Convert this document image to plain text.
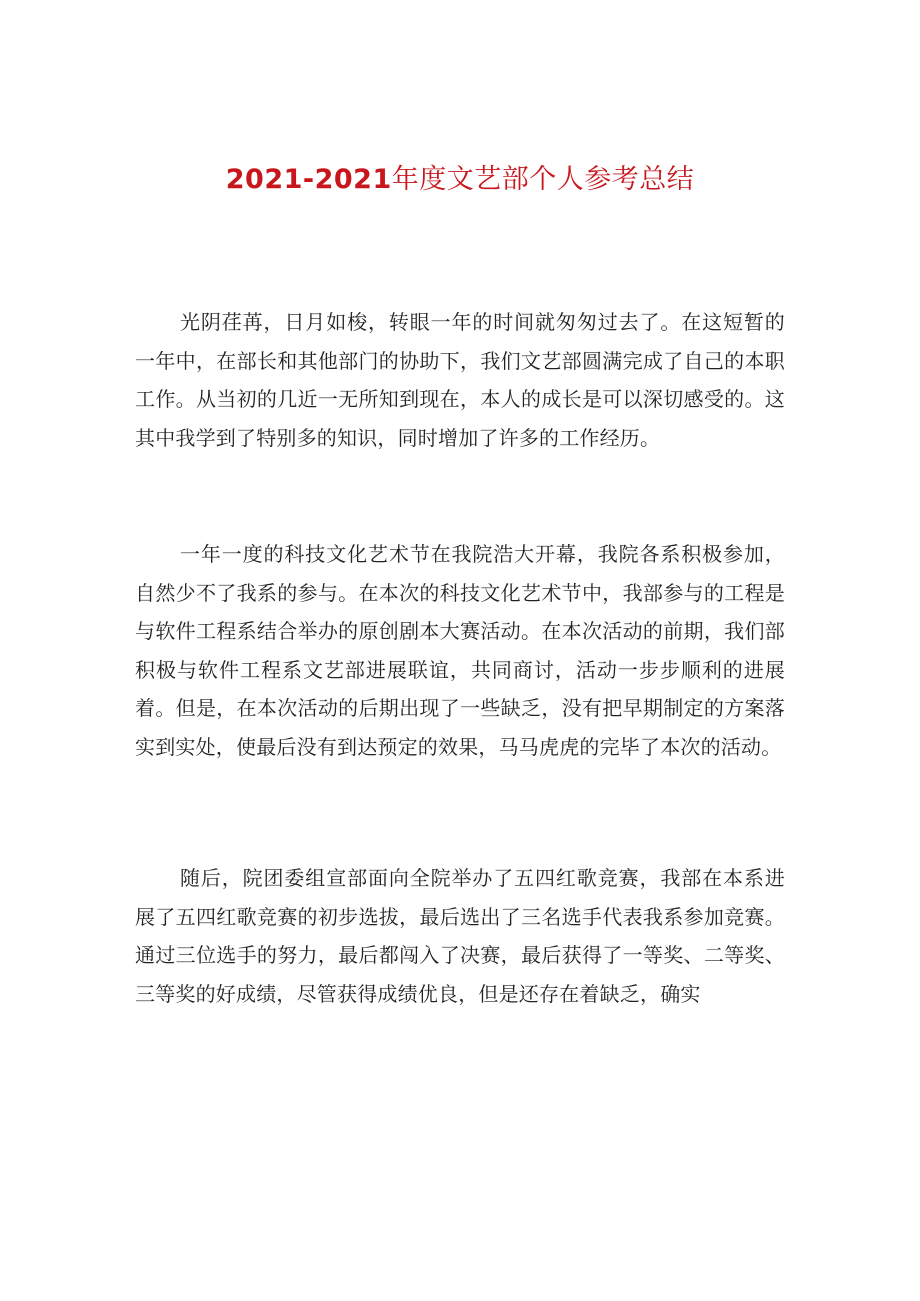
2021-2021年度文艺部个人参考总结

光阴荏苒，日月如梭，转眼一年的时间就匆匆过去了。在这短暂的一年中，在部长和其他部门的协助下，我们文艺部圆满完成了自己的本职工作。从当初的几近一无所知到现在，本人的成长是可以深切感受的。这其中我学到了特别多的知识，同时增加了许多的工作经历。

一年一度的科技文化艺术节在我院浩大开幕，我院各系积极参加，自然少不了我系的参与。在本次的科技文化艺术节中，我部参与的工程是与软件工程系结合举办的原创剧本大赛活动。在本次活动的前期，我们部积极与软件工程系文艺部进展联谊，共同商讨，活动一步步顺利的进展着。但是，在本次活动的后期出现了一些缺乏，没有把早期制定的方案落实到实处，使最后没有到达预定的效果，马马虎虎的完毕了本次的活动。

随后，院团委组宣部面向全院举办了五四红歌竞赛，我部在本系进展了五四红歌竞赛的初步选拔，最后选出了三名选手代表我系参加竞赛。通过三位选手的努力，最后都闯入了决赛，最后获得了一等奖、二等奖、三等奖的好成绩，尽管获得成绩优良，但是还存在着缺乏，确实
